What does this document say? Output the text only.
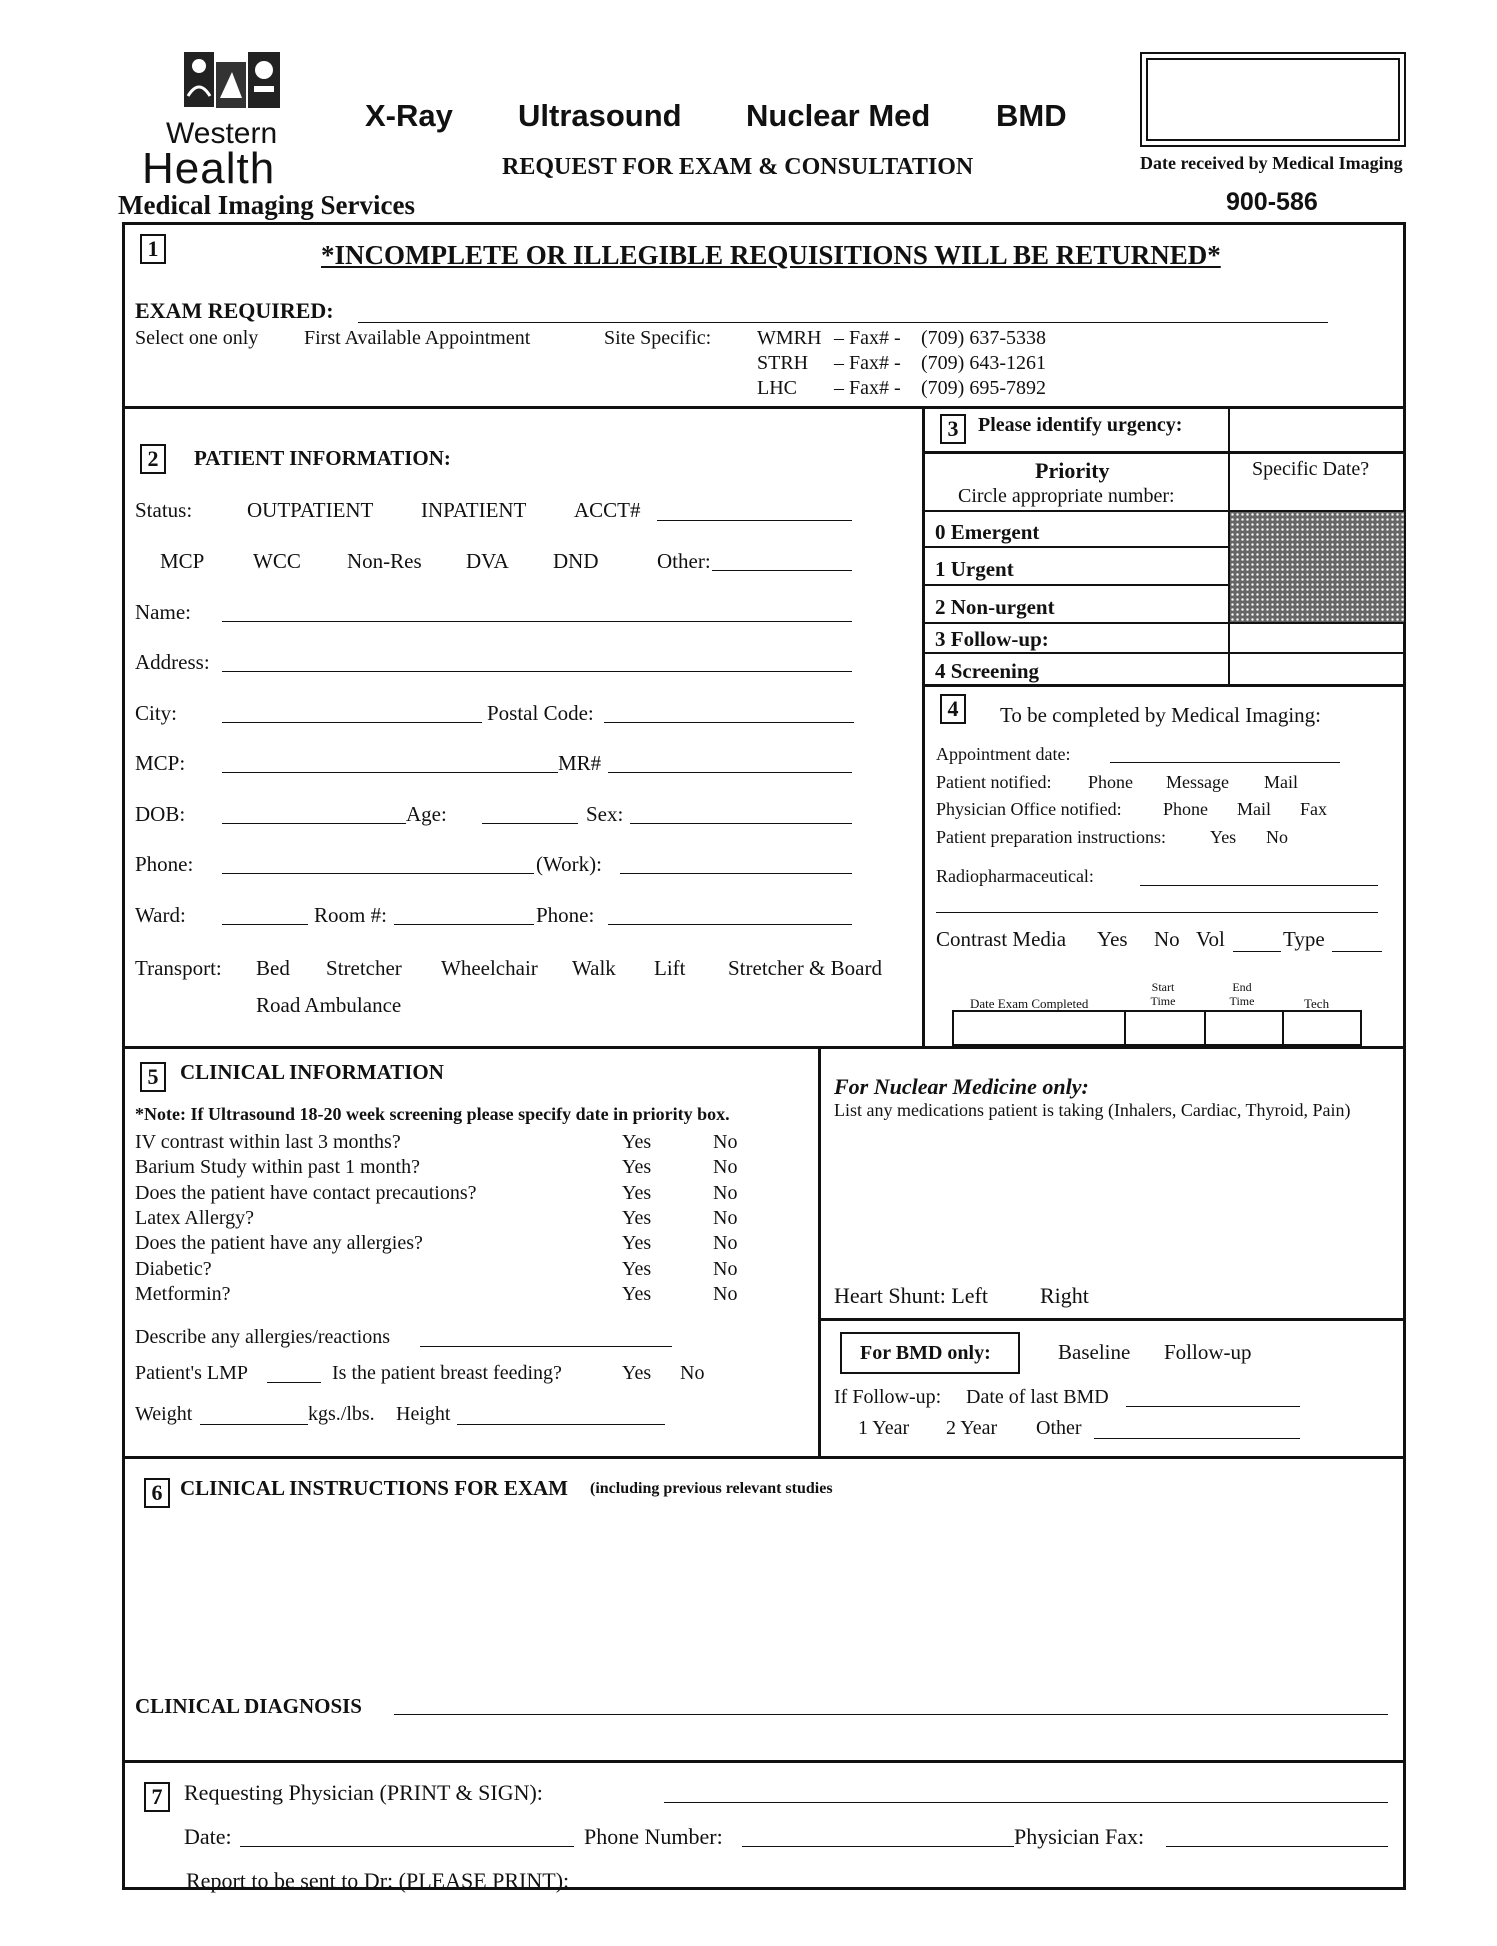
Western
Health
Medical Imaging Services
X-Ray Ultrasound Nuclear Med BMD
REQUEST FOR EXAM & CONSULTATION	Date received by Medical Imaging
900-586
1	*INCOMPLETE OR ILLEGIBLE REQUISITIONS WILL BE RETURNED*
EXAM REQUIRED:
Select one only First Available Appointment	Site Specific: WMRH – Fax# - (709) 637-5338
STRH – Fax# - (709) 643-1261
LHC – Fax# - (709) 695-7892
2	PATIENT INFORMATION:
Status:	OUTPATIENT INPATIENT ACCT#
MCP WCC Non-Res DVA DND	Other:
Name:
Address:
City:	Postal Code:
MCP:	MR#
DOB:	Age:	Sex:
Phone:	(Work):
Ward:	Room #:	Phone:
Transport: Bed Stretcher Wheelchair Walk Lift Stretcher & Board
Road Ambulance
3 Please identify urgency:
Priority
Circle appropriate number:
Specific Date?
0 Emergent
1 Urgent
2 Non-urgent
3 Follow-up:
4 Screening
4	To be completed by Medical Imaging:
Appointment date:
Patient notified: Phone Message Mail
Physician Office notified: Phone Mail Fax
Patient preparation instructions: Yes No
Radiopharmaceutical:
Contrast Media Yes No Vol	Type
Date Exam Completed
Start Time
End Time	Tech
5	CLINICAL INFORMATION
*Note: If Ultrasound 18-20 week screening please specify date in priority box.
IV contrast within last 3 months?	Yes	No
Barium Study within past 1 month?	Yes	No
Does the patient have contact precautions?	Yes	No
Latex Allergy?	Yes	No
Does the patient have any allergies?	Yes	No
Diabetic?	Yes	No
Metformin?	Yes	No
Describe any allergies/reactions
Patient's LMP	Is the patient breast feeding?	Yes No
Weight	kgs./lbs. Height
For Nuclear Medicine only:
List any medications patient is taking (Inhalers, Cardiac, Thyroid, Pain)
Heart Shunt: Left Right
For BMD only:	Baseline Follow-up
If Follow-up: Date of last BMD
1 Year 2 Year Other
6 CLINICAL INSTRUCTIONS FOR EXAM (including previous relevant studies
CLINICAL DIAGNOSIS
7 Requesting Physician (PRINT & SIGN):
Date:	Phone Number:	Physician Fax:
Report to be sent to Dr: (PLEASE PRINT):
